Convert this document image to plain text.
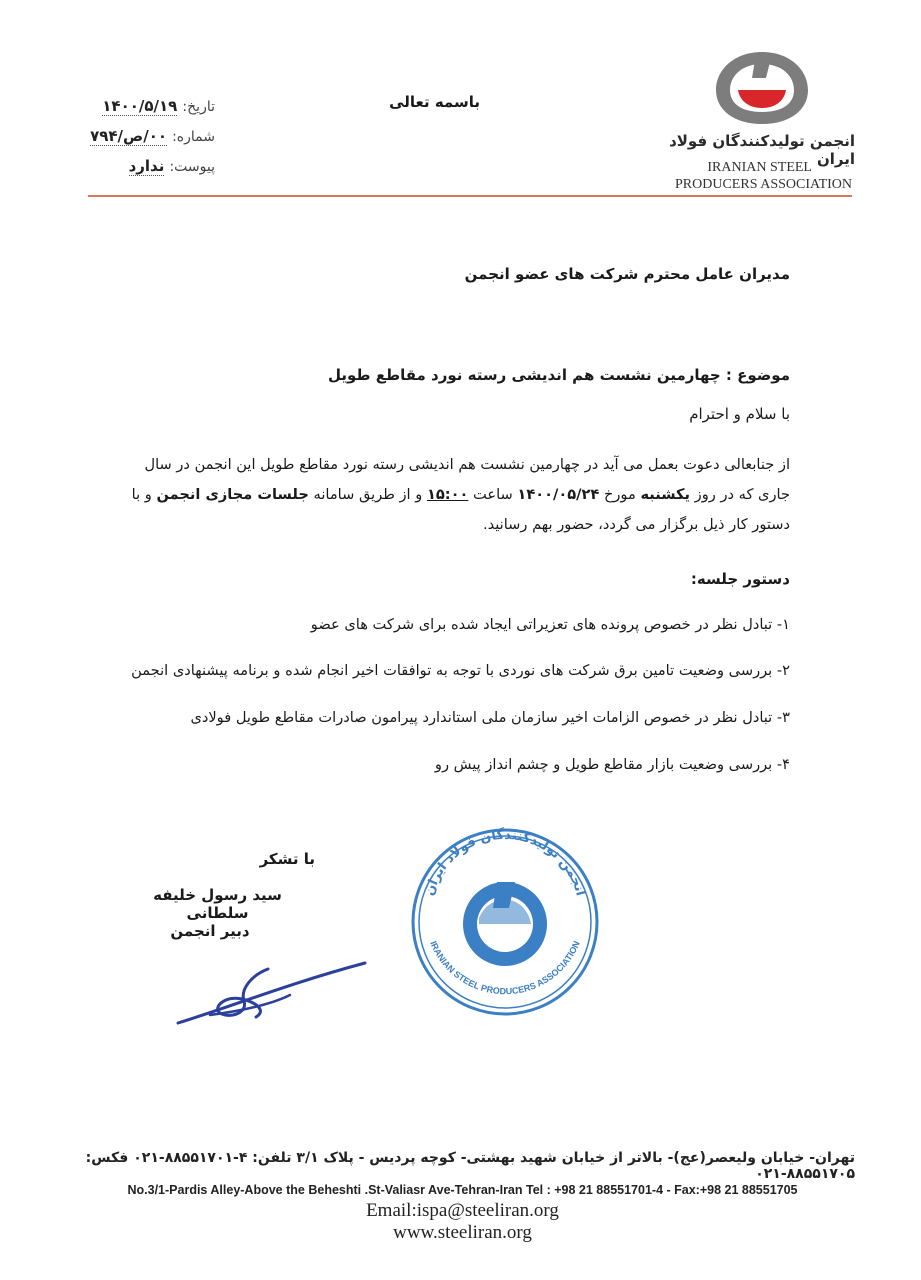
انجمن تولیدکنندگان فولاد ایران
IRANIAN STEEL
PRODUCERS ASSOCIATION
باسمه تعالی
تاریخ: ۱۴۰۰/۵/۱۹
شماره: ۰۰/ص/۷۹۴
پیوست: ندارد
مدیران عامل محترم شرکت های عضو انجمن
موضوع : چهارمین نشست هم اندیشی رسته نورد مقاطع طویل
با سلام و احترام
از جنابعالی دعوت بعمل می آید در چهارمین نشست هم اندیشی رسته نورد مقاطع طویل این انجمن در سال جاری که در روز یکشنبه مورخ ۱۴۰۰/۰۵/۲۴ ساعت ۱۵:۰۰ و از طریق سامانه جلسات مجازی انجمن و با دستور کار ذیل برگزار می گردد، حضور بهم رسانید.
دستور جلسه:
۱- تبادل نظر در خصوص پرونده های تعزیراتی ایجاد شده برای شرکت های عضو
۲- بررسی وضعیت تامین برق شرکت های نوردی با توجه به توافقات اخیر انجام شده و برنامه پیشنهادی انجمن
۳- تبادل نظر در خصوص الزامات اخیر سازمان ملی استاندارد پیرامون صادرات مقاطع طویل فولادی
۴- بررسی وضعیت بازار مقاطع طویل و چشم انداز پیش رو
با تشکر
سید رسول خلیفه سلطانی
دبیر انجمن
انجمن تولیدکنندگان فولاد ایران
IRANIAN STEEL PRODUCERS ASSOCIATION
تهران- خیابان ولیعصر(عج)- بالاتر از خیابان شهید بهشتی- کوچه پردیس - پلاک ۳/۱ تلفن: ۴-۸۸۵۵۱۷۰۱-۰۲۱ فکس: ۸۸۵۵۱۷۰۵-۰۲۱
No.3/1-Pardis Alley-Above the Beheshti .St-Valiasr Ave-Tehran-Iran Tel : +98 21 88551701-4 - Fax:+98 21 88551705
Email:ispa@steeliran.org
www.steeliran.org
